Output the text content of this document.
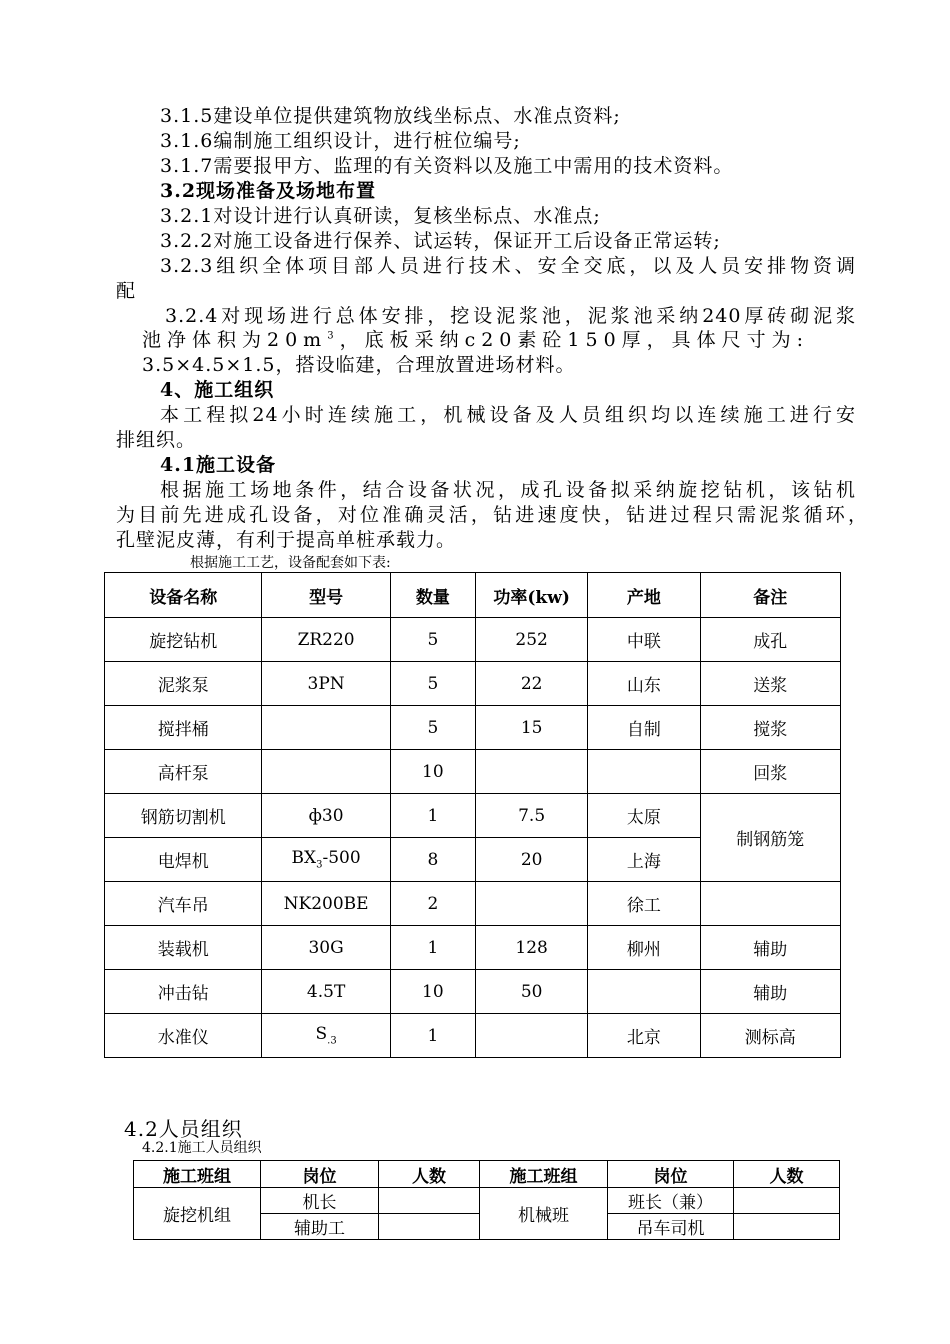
3.1.5建设单位提供建筑物放线坐标点、水准点资料;
3.1.6编制施工组织设计，进行桩位编号;
3.1.7需要报甲方、监理的有关资料以及施工中需用的技术资料。
3.2现场准备及场地布置
3.2.1对设计进行认真研读，复核坐标点、水准点;
3.2.2对施工设备进行保养、试运转，保证开工后设备正常运转;
3.2.3组织全体项目部人员进行技术、安全交底，以及人员安排物资调
配
3.2.4对现场进行总体安排，挖设泥浆池，泥浆池采纳240厚砖砌泥浆
池净体积为$20m^3$，底板采纳c20素砼150厚，具体尺寸为:
3.5×4.5×1.5，搭设临建，合理放置进场材料。
4、施工组织
本工程拟24小时连续施工，机械设备及人员组织均以连续施工进行安
排组织。
4.1施工设备
根据施工场地条件，结合设备状况，成孔设备拟采纳旋挖钻机，该钻机
为目前先进成孔设备，对位准确灵活，钻进速度快，钻进过程只需泥浆循环，
孔壁泥皮薄，有利于提高单桩承载力。
根据施工工艺，设备配套如下表:
设备名称	型号	数量	功率(kw)	产地	备注
旋挖钻机	ZR220	5	252	中联	成孔
泥浆泵	3PN	5	22	山东	送浆
搅拌桶		5	15	自制	搅浆
高杆泵		10			回浆
钢筋切割机	ф30	1	7.5	太原	制钢筋笼
电焊机	$BX_3-500$	8	20	上海	
汽车吊	NK200BE	2		徐工	
装载机	30G	1	128	柳州	辅助
冲击钻	4.5T	10	50		辅助
水准仪	$S_{.3}$	1		北京	测标高
4.2人员组织
4.2.1施工人员组织
施工班组	岗位	人数	施工班组	岗位	人数
旋挖机组	机长		机械班	班长（兼）	
	辅助工			吊车司机	
